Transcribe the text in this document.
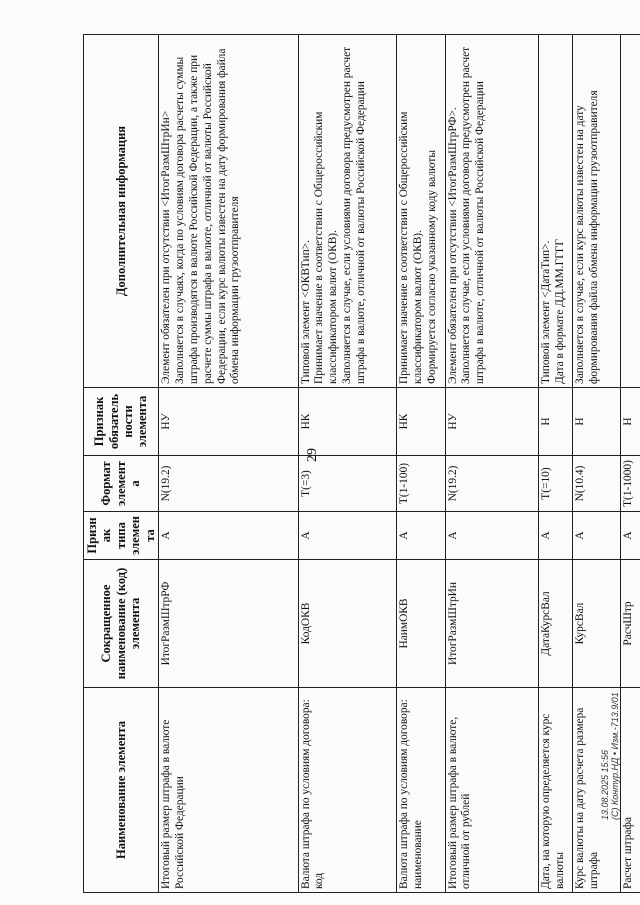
29
Наименование элемента	Сокращенное наименование (код) элемента	Признак типа элемента	Формат элемента	Признак обязательности элемента	Дополнительная информация
Итоговый размер штрафа в валюте Российской Федерации	ИтогРазмШтрРФ	А	N(19.2)	НУ	Элемент обязателен при отсутствии <ИтогРазмШтрИн>
Заполняется в случаях, когда по условиям договора расчеты суммы штрафа производятся в валюте Российской Федерации, а также при расчете суммы штрафа в валюте, отличной от валюты Российской Федерации, если курс валюты известен на дату формирования файла обмена информации грузоотправителя
Валюта штрафа по условиям договора: код	КодОКВ	А	Т(=3)	НК	Типовой элемент <ОКВТип>.
Принимает значение в соответствии с Общероссийским классификатором валют (ОКВ).
Заполняется в случае, если условиями договора предусмотрен расчет штрафа в валюте, отличной от валюты Российской Федерации
Валюта штрафа по условиям договора: наименование	НаимОКВ	А	Т(1-100)	НК	Принимает значение в соответствии с Общероссийским классификатором валют (ОКВ).
Формируется согласно указанному коду валюты
Итоговый размер штрафа в валюте, отличной от рублей	ИтогРазмШтрИн	А	N(19.2)	НУ	Элемент обязателен при отсутствии <ИтогРазмШтрРФ>.
Заполняется в случае, если условиями договора предусмотрен расчет штрафа в валюте, отличной от валюты Российской Федерации
Дата, на которую определяется курс валюты	ДатаКурсВал	А	Т(=10)	Н	Типовой элемент <ДатаТип>.
Дата в формате ДД.ММ.ГГГГ
Курс валюты на дату расчета размера штрафа	КурсВал	А	N(10.4)	Н	Заполняется в случае, если курс валюты известен на дату формирования файла обмена информации грузоотправителя
Расчет штрафа	РасчШтр	А	Т(1-1000)	Н	
13.08.2025 15:56 (С) Контур.НД • Изм.-713.9/01
